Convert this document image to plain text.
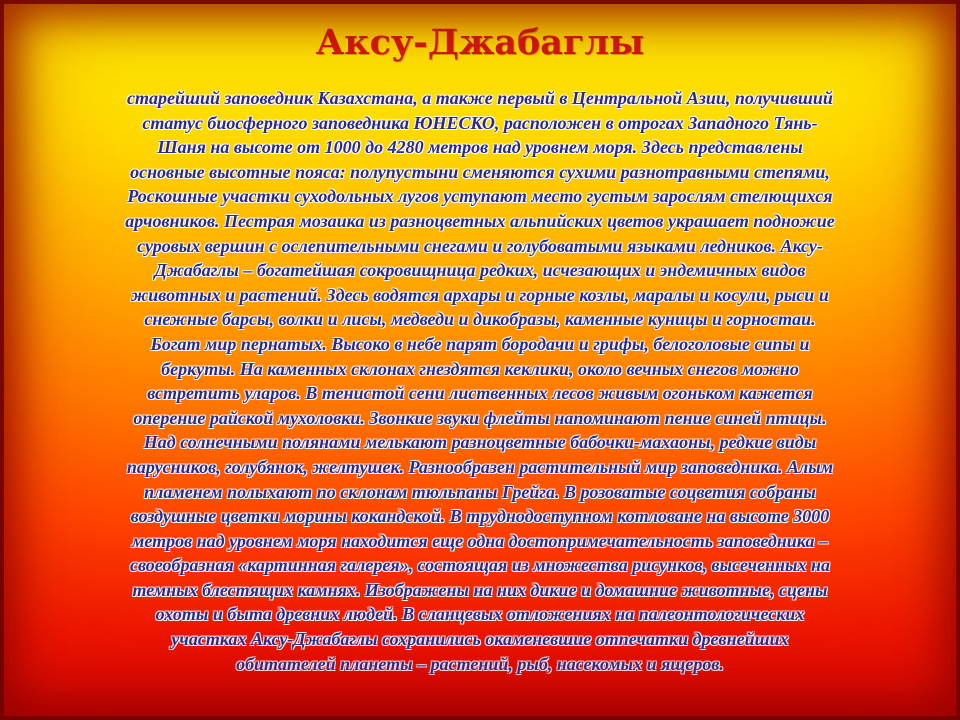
Аксу-Джабаглы

старейший заповедник Казахстана, а также первый в Центральной Азии, получивший
статус биосферного заповедника ЮНЕСКО, расположен в отрогах Западного Тянь-
Шаня на высоте от 1000 до 4280 метров над уровнем моря. Здесь представлены
основные высотные пояса: полупустыни сменяются сухими разнотравными степями,
Роскошные участки суходольных лугов уступают место густым зарослям стелющихся
арчовников. Пестрая мозаика из разноцветных альпийских цветов украшает подножие
суровых вершин с ослепительными снегами и голубоватыми языками ледников. Аксу-
Джабаглы – богатейшая сокровищница редких, исчезающих и эндемичных видов
животных и растений. Здесь водятся архары и горные козлы, маралы и косули, рыси и
снежные барсы, волки и лисы, медведи и дикобразы, каменные куницы и горностаи.
Богат мир пернатых. Высоко в небе парят бородачи и грифы, белоголовые сипы и
беркуты. На каменных склонах гнездятся кеклики, около вечных снегов можно
встретить уларов. В тенистой сени лиственных лесов живым огоньком кажется
оперение райской мухоловки. Звонкие звуки флейты напоминают пение синей птицы.
Над солнечными полянами мелькают разноцветные бабочки-махаоны, редкие виды
парусников, голубянок, желтушек. Разнообразен растительный мир заповедника. Алым
пламенем полыхают по склонам тюльпаны Грейга. В розоватые соцветия собраны
воздушные цветки морины кокандской. В труднодоступном котловане на высоте 3000
метров над уровнем моря находится еще одна достопримечательность заповедника –
своеобразная «картинная галерея», состоящая из множества рисунков, высеченных на
темных блестящих камнях. Изображены на них дикие и домашние животные, сцены
охоты и быта древних людей. В сланцевых отложениях на палеонтологических
участках Аксу-Джабаглы сохранились окаменевшие отпечатки древнейших
обитателей планеты – растений, рыб, насекомых и ящеров.
